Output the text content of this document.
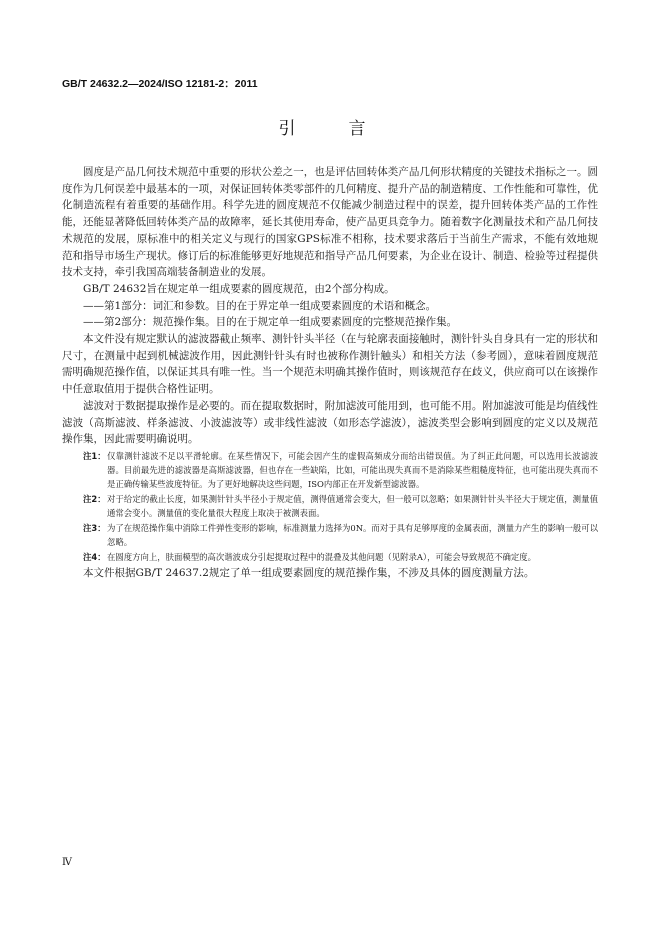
GB/T 24632.2—2024/ISO 12181-2：2011
引　言

圆度是产品几何技术规范中重要的形状公差之一，也是评估回转体类产品几何形状精度的关键技术指标之一。圆度作为几何误差中最基本的一项，对保证回转体类零部件的几何精度、提升产品的制造精度、工作性能和可靠性，优化制造流程有着重要的基础作用。科学先进的圆度规范不仅能减少制造过程中的误差，提升回转体类产品的工作性能，还能显著降低回转体类产品的故障率，延长其使用寿命，使产品更具竞争力。随着数字化测量技术和产品几何技术规范的发展，原标准中的相关定义与现行的国家GPS标准不相称，技术要求落后于当前生产需求，不能有效地规范和指导市场生产现状。修订后的标准能够更好地规范和指导产品几何要素，为企业在设计、制造、检验等过程提供技术支持，牵引我国高端装备制造业的发展。

GB/T 24632旨在规定单一组成要素的圆度规范，由2个部分构成。

——第1部分：词汇和参数。目的在于界定单一组成要素圆度的术语和概念。

——第2部分：规范操作集。目的在于规定单一组成要素圆度的完整规范操作集。

本文件没有规定默认的滤波器截止频率、测针针头半径（在与轮廓表面接触时，测针针头自身具有一定的形状和尺寸，在测量中起到机械滤波作用，因此测针针头有时也被称作测针触头）和相关方法（参考圆），意味着圆度规范需明确规范操作值，以保证其具有唯一性。当一个规范未明确其操作值时，则该规范存在歧义，供应商可以在该操作中任意取值用于提供合格性证明。

滤波对于数据提取操作是必要的。而在提取数据时，附加滤波可能用到，也可能不用。附加滤波可能是均值线性滤波（高斯滤波、样条滤波、小波滤波等）或非线性滤波（如形态学滤波），滤波类型会影响到圆度的定义以及规范操作集，因此需要明确说明。

注1： 仅靠测针滤波不足以平滑轮廓。在某些情况下，可能会因产生的虚假高频成分而给出错误值。为了纠正此问题，可以选用长波滤波器。目前最先进的滤波器是高斯滤波器，但也存在一些缺陷，比如，可能出现失真而不是消除某些粗糙度特征，也可能出现失真而不是正确传输某些波度特征。为了更好地解决这些问题，ISO内部正在开发新型滤波器。
注2： 对于给定的截止长度，如果测针针头半径小于规定值，测得值通常会变大，但一般可以忽略；如果测针针头半径大于规定值，测量值通常会变小。测量值的变化量很大程度上取决于被测表面。
注3： 为了在规范操作集中消除工件弹性变形的影响，标准测量力选择为0N。而对于具有足够厚度的金属表面，测量力产生的影响一般可以忽略。
注4： 在圆度方向上，肤面模型的高次谐波成分引起提取过程中的混叠及其他问题（见附录A），可能会导致规范不确定度。

本文件根据GB/T 24637.2规定了单一组成要素圆度的规范操作集，不涉及具体的圆度测量方法。

Ⅳ
